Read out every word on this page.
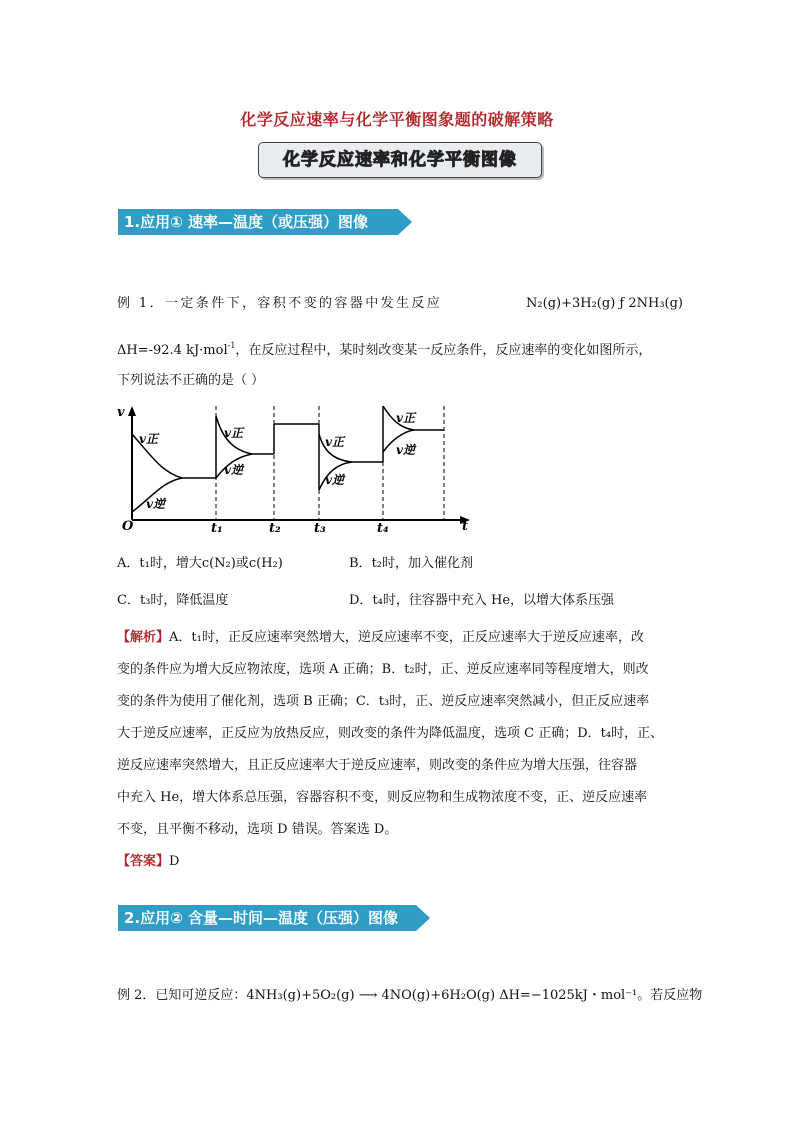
化学反应速率与化学平衡图象题的破解策略
化学反应速率和化学平衡图像
1.应用① 速率—温度（或压强）图像
例 1．一定条件下，容积不变的容器中发生反应	N₂(g)+3H₂(g) ƒ 2NH₃(g)
ΔH=-92.4 kJ·mol$^{-1}$，在反应过程中，某时刻改变某一反应条件，反应速率的变化如图所示，
下列说法不正确的是（ ）
v
t
O
v正
v逆
v正
v逆
v正
v逆
v正
v逆
t₁	t₂	t₃	t₄
A．t₁时，增大c(N₂)或c(H₂)	B．t₂时，加入催化剂
C．t₃时，降低温度	D．t₄时，往容器中充入 He，以增大体系压强
【解析】A．t₁时，正反应速率突然增大，逆反应速率不变，正反应速率大于逆反应速率，改
变的条件应为增大反应物浓度，选项 A 正确；B．t₂时，正、逆反应速率同等程度增大，则改
变的条件为使用了催化剂，选项 B 正确；C．t₃时，正、逆反应速率突然减小，但正反应速率
大于逆反应速率，正反应为放热反应，则改变的条件为降低温度，选项 C 正确；D．t₄时，正、
逆反应速率突然增大，且正反应速率大于逆反应速率，则改变的条件应为增大压强，往容器
中充入 He，增大体系总压强，容器容积不变，则反应物和生成物浓度不变，正、逆反应速率
不变，且平衡不移动，选项 D 错误。答案选 D。
【答案】D
2.应用② 含量—时间—温度（压强）图像
例 2．已知可逆反应：4NH₃(g)+5O₂(g) ⟶ 4NO(g)+6H₂O(g) ΔH=−1025kJ・mol⁻¹。若反应物
